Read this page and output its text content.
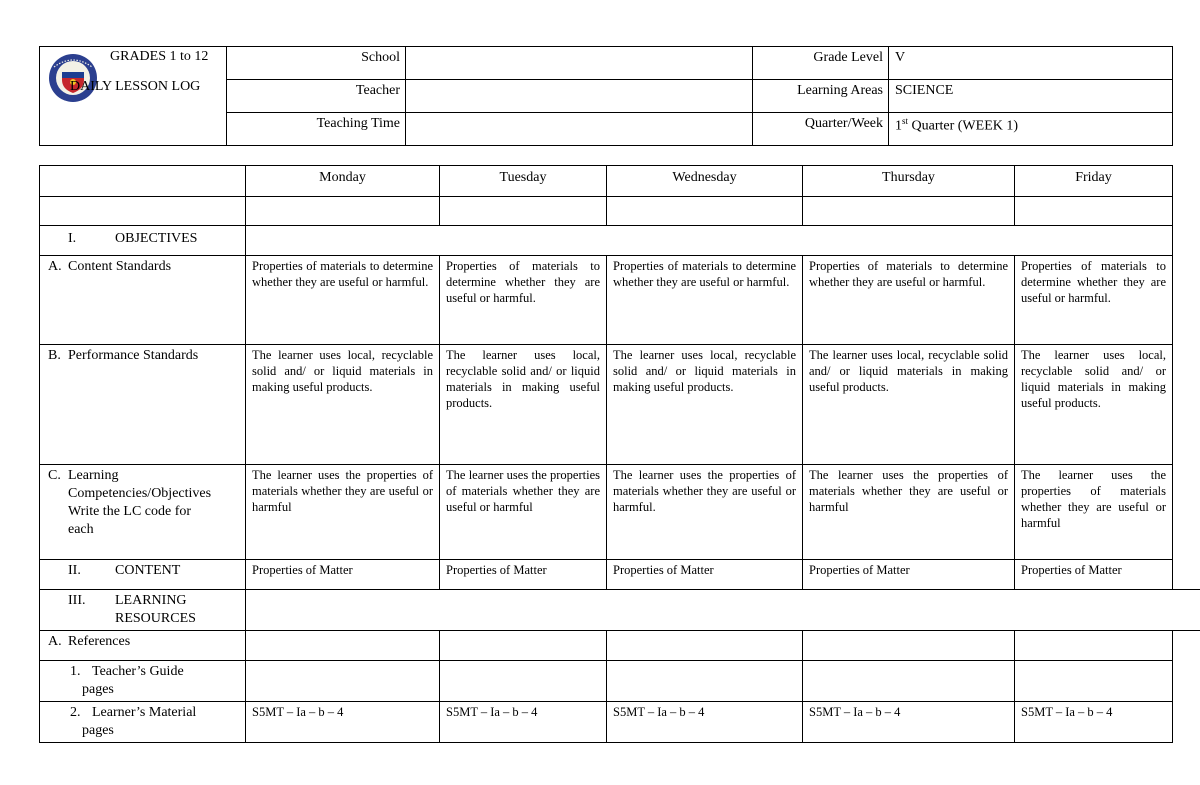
GRADES 1 to 12
DAILY LESSON LOG	School		Grade Level	V
	Teacher		Learning Areas	SCIENCE
	Teaching Time		Quarter/Week	1st Quarter (WEEK 1)
	Monday	Tuesday	Wednesday	Thursday	Friday	

I. OBJECTIVES						
A. Content Standards	Properties of materials to determine whether they are useful or harmful.	Properties of materials to determine whether they are useful or harmful.	Properties of materials to determine whether they are useful or harmful.	Properties of materials to determine whether they are useful or harmful.	Properties of materials to determine whether they are useful or harmful.	
B. Performance Standards	The learner uses local, recyclable solid and/ or liquid materials in making useful products.	The learner uses local, recyclable solid and/ or liquid materials in making useful products.	The learner uses local, recyclable solid and/ or liquid materials in making useful products.	The learner uses local, recyclable solid and/ or liquid materials in making useful products.	The learner uses local, recyclable solid and/ or liquid materials in making useful products.	
C. Learning
Competencies/Objectives
Write the LC code for
each	The learner uses the properties of materials whether they are useful or harmful	The learner uses the properties of materials whether they are useful or harmful	The learner uses the properties of materials whether they are useful or harmful.	The learner uses the properties of materials whether they are useful or harmful	The learner uses the properties of materials whether they are useful or harmful	
II. CONTENT	Properties of Matter	Properties of Matter	Properties of Matter	Properties of Matter	Properties of Matter	
III. LEARNING
RESOURCES						

A. References						
1. Teacher’s Guide
pages						

2. Learner’s Material
pages	S5MT – Ia – b – 4	S5MT – Ia – b – 4	S5MT – Ia – b – 4	S5MT – Ia – b – 4	S5MT – Ia – b – 4	
